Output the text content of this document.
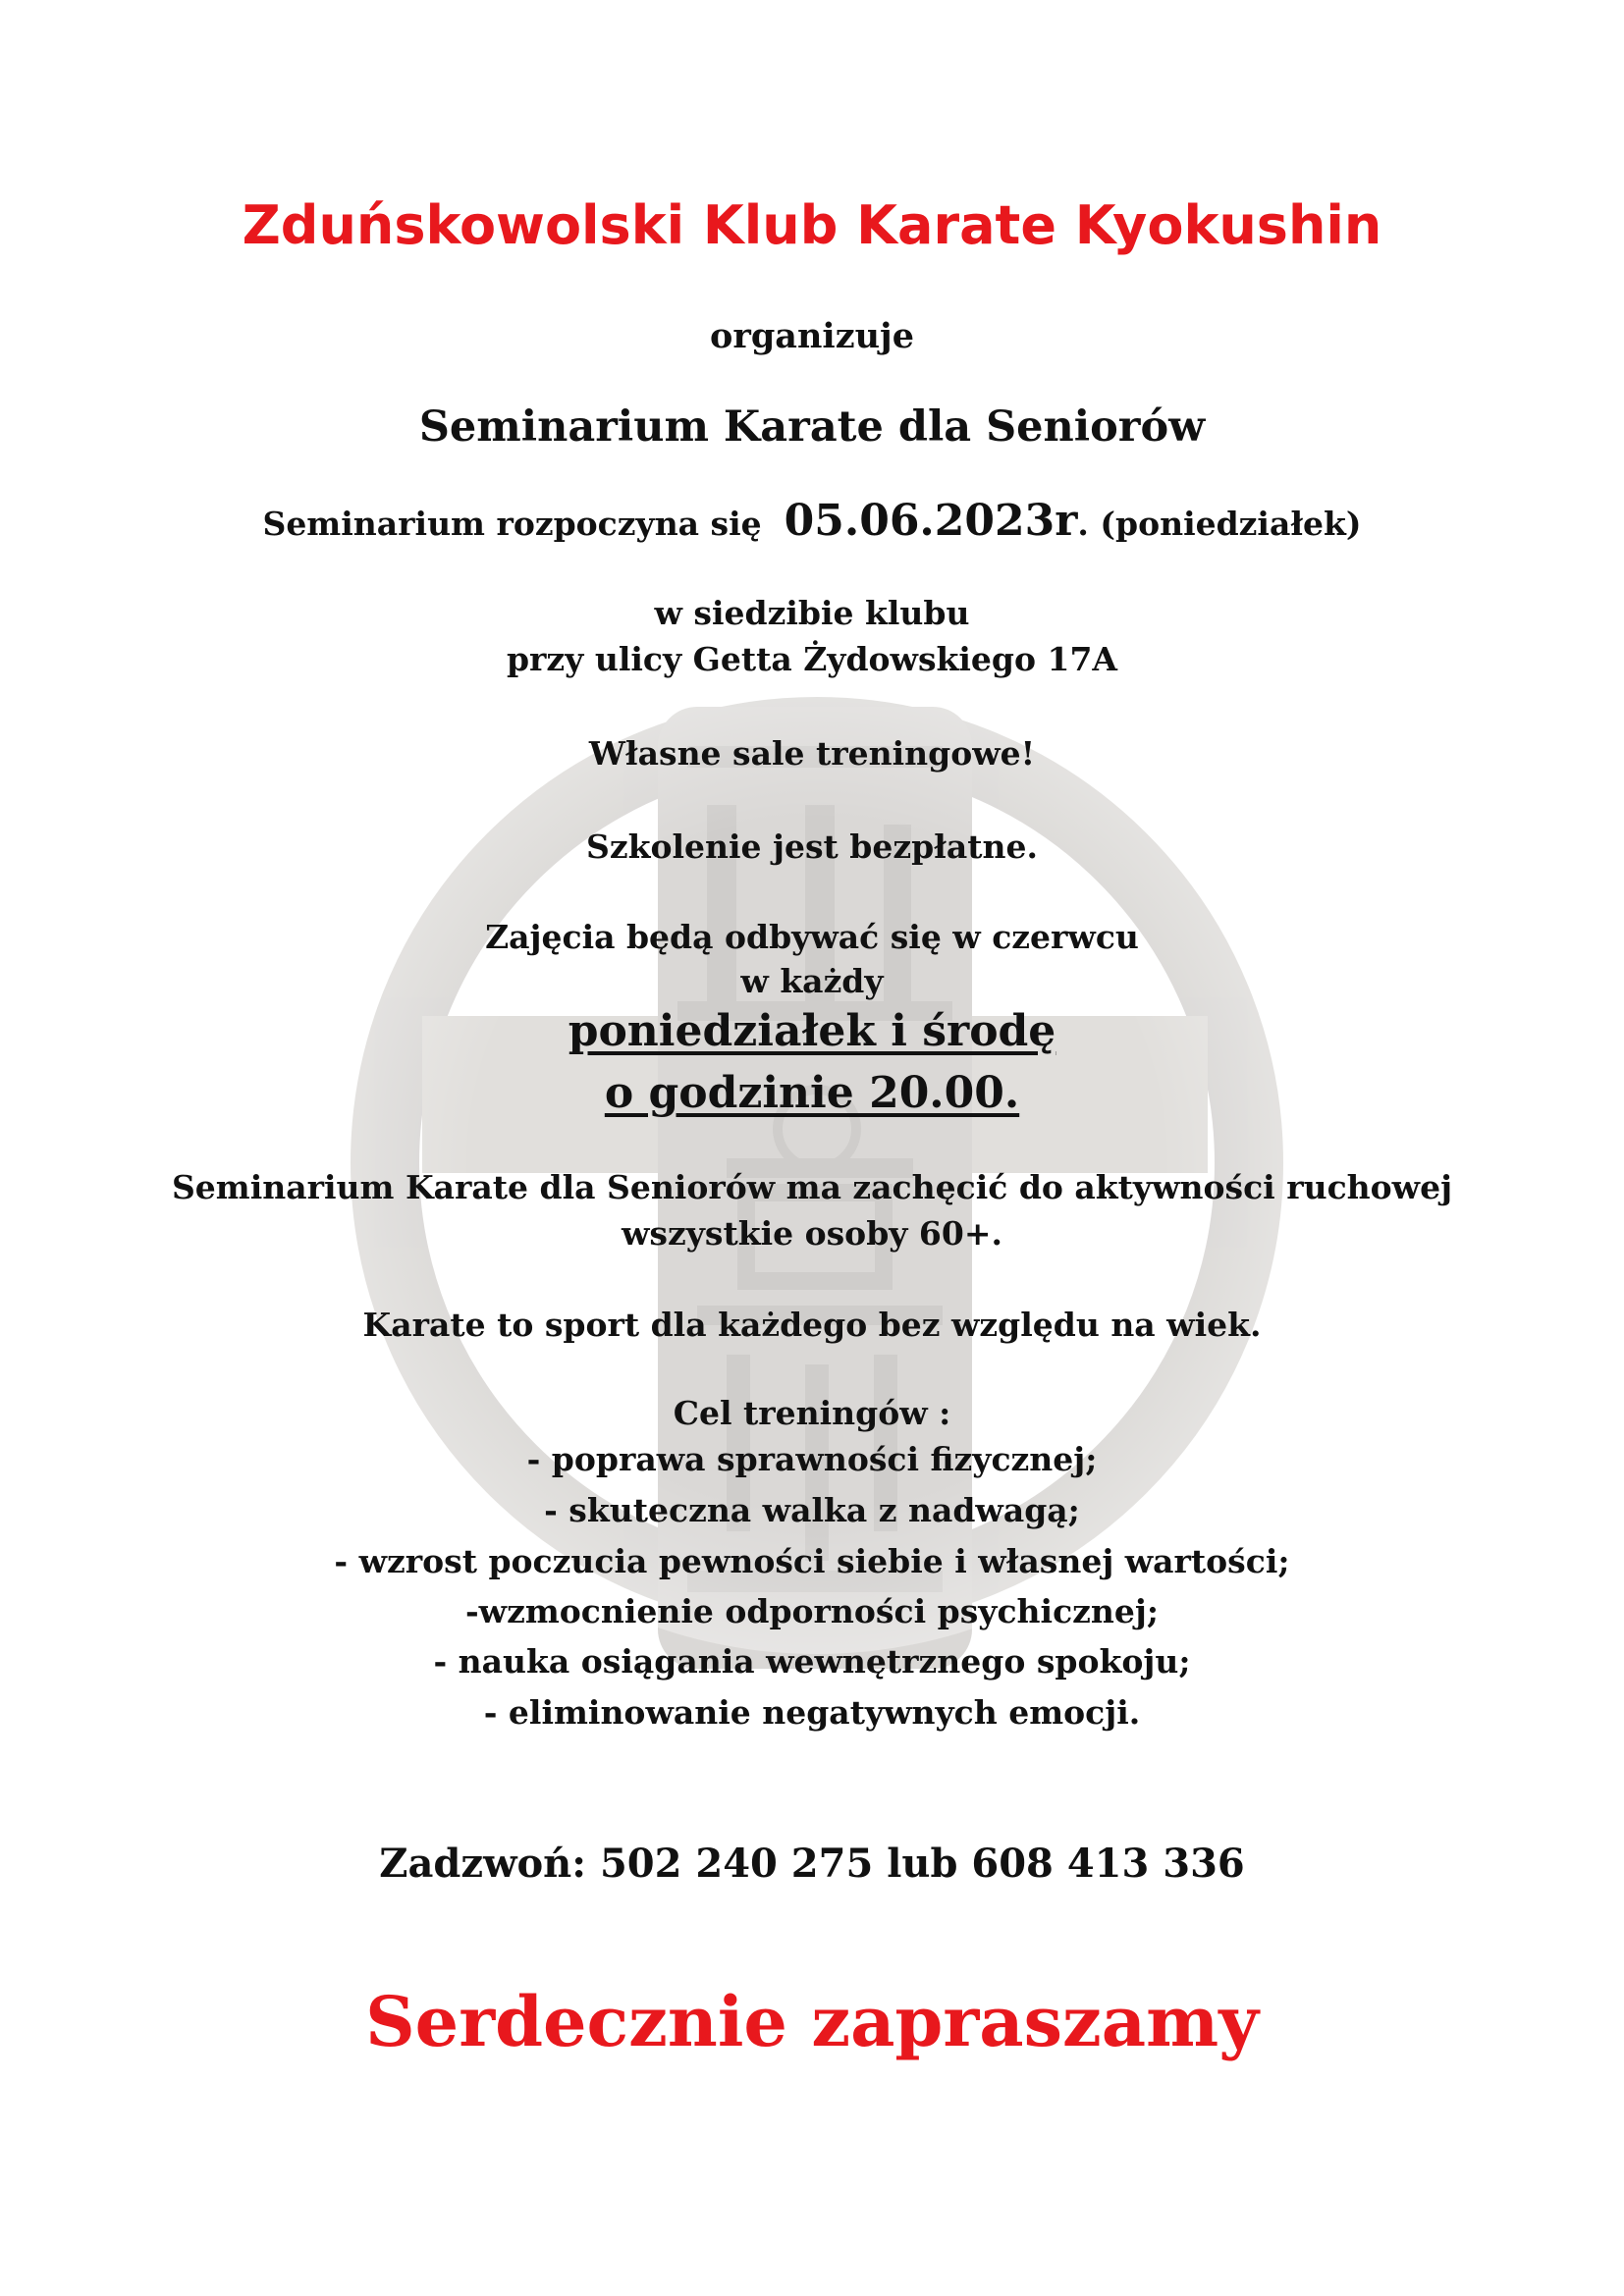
Zduńskowolski Klub Karate Kyokushin
organizuje
Seminarium Karate dla Seniorów
Seminarium rozpoczyna się 05.06.2023r. (poniedziałek)
w siedzibie klubu
przy ulicy Getta Żydowskiego 17A
Własne sale treningowe!
Szkolenie jest bezpłatne.
Zajęcia będą odbywać się w czerwcu
w każdy
poniedziałek i środę
o godzinie 20.00.
Seminarium Karate dla Seniorów ma zachęcić do aktywności ruchowej
wszystkie osoby 60+.
Karate to sport dla każdego bez względu na wiek.
Cel treningów :
- poprawa sprawności fizycznej;
- skuteczna walka z nadwagą;
- wzrost poczucia pewności siebie i własnej wartości;
-wzmocnienie odporności psychicznej;
- nauka osiągania wewnętrznego spokoju;
- eliminowanie negatywnych emocji.
Zadzwoń: 502 240 275 lub 608 413 336
Serdecznie zapraszamy
